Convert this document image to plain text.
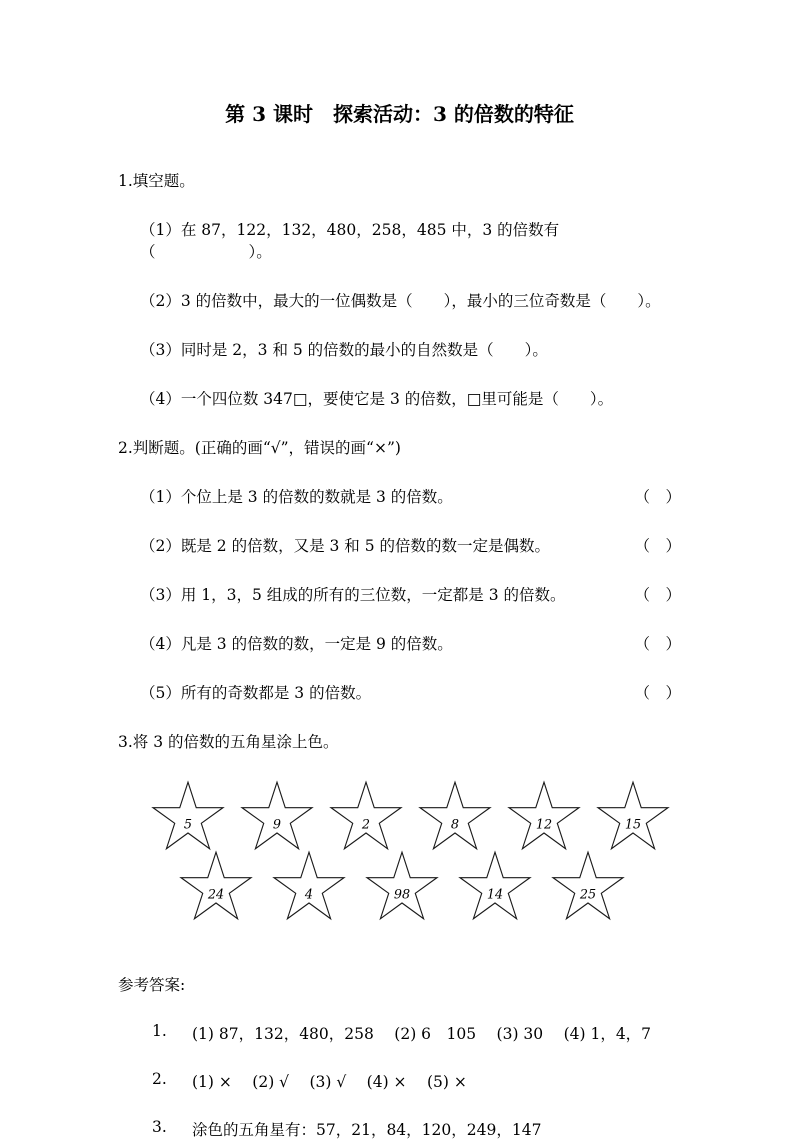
第 3 课时　探索活动：3 的倍数的特征
1.填空题。
（1）在 87，122，132，480，258，485 中，3 的倍数有（　　　　　　）。
（2）3 的倍数中，最大的一位偶数是（　　），最小的三位奇数是（　　）。
（3）同时是 2，3 和 5 的倍数的最小的自然数是（　　）。
（4）一个四位数 347□，要使它是 3 的倍数，□里可能是（　　）。
2.判断题。(正确的画“√”，错误的画“×”)
（1）个位上是 3 的倍数的数就是 3 的倍数。	（　）
（2）既是 2 的倍数，又是 3 和 5 的倍数的数一定是偶数。	（　）
（3）用 1，3，5 组成的所有的三位数，一定都是 3 的倍数。	（　）
（4）凡是 3 的倍数的数，一定是 9 的倍数。	（　）
（5）所有的奇数都是 3 的倍数。	（　）
3.将 3 的倍数的五角星涂上色。
5	9	2	8	12	15
24	4	98	14	25
参考答案:
1.	(1) 87，132，480，258　 (2) 6　105　 (3) 30　 (4) 1，4，7
2.	(1) ×　 (2) √　 (3) √　 (4) ×　 (5) ×
3.	涂色的五角星有：57，21，84，120，249，147
